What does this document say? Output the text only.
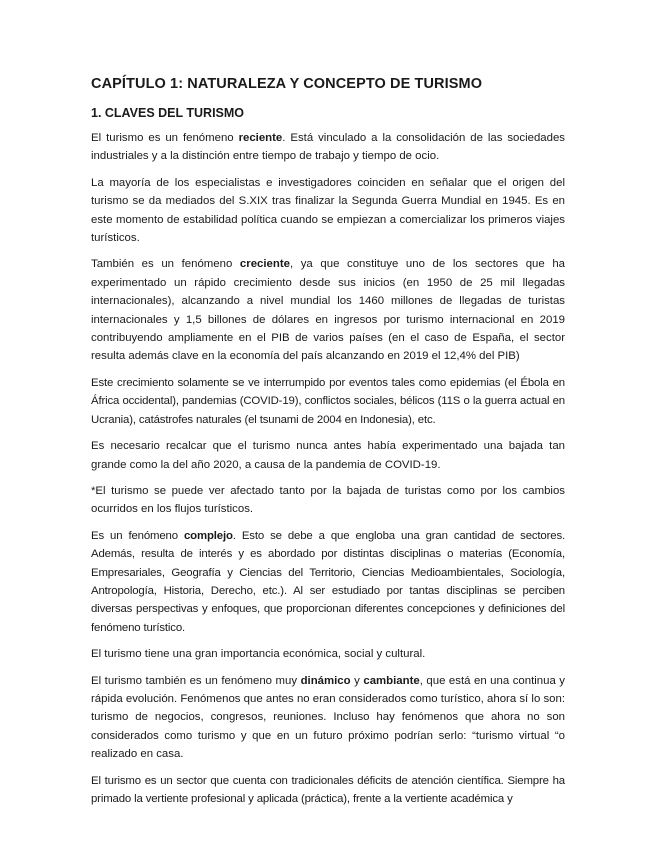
CAPÍTULO 1: NATURALEZA Y CONCEPTO DE TURISMO
1. CLAVES DEL TURISMO

El turismo es un fenómeno reciente. Está vinculado a la consolidación de las sociedades industriales y a la distinción entre tiempo de trabajo y tiempo de ocio.

La mayoría de los especialistas e investigadores coinciden en señalar que el origen del turismo se da mediados del S.XIX tras finalizar la Segunda Guerra Mundial en 1945. Es en este momento de estabilidad política cuando se empiezan a comercializar los primeros viajes turísticos.

También es un fenómeno creciente, ya que constituye uno de los sectores que ha experimentado un rápido crecimiento desde sus inicios (en 1950 de 25 mil llegadas internacionales), alcanzando a nivel mundial los 1460 millones de llegadas de turistas internacionales y 1,5 billones de dólares en ingresos por turismo internacional en 2019 contribuyendo ampliamente en el PIB de varios países (en el caso de España, el sector resulta además clave en la economía del país alcanzando en 2019 el 12,4% del PIB)

Este crecimiento solamente se ve interrumpido por eventos tales como epidemias (el Ébola en África occidental), pandemias (COVID-19), conflictos sociales, bélicos (11S o la guerra actual en Ucrania), catástrofes naturales (el tsunami de 2004 en Indonesia), etc.

Es necesario recalcar que el turismo nunca antes había experimentado una bajada tan grande como la del año 2020, a causa de la pandemia de COVID-19.

*El turismo se puede ver afectado tanto por la bajada de turistas como por los cambios ocurridos en los flujos turísticos.

Es un fenómeno complejo. Esto se debe a que engloba una gran cantidad de sectores. Además, resulta de interés y es abordado por distintas disciplinas o materias (Economía, Empresariales, Geografía y Ciencias del Territorio, Ciencias Medioambientales, Sociología, Antropología, Historia, Derecho, etc.). Al ser estudiado por tantas disciplinas se perciben diversas perspectivas y enfoques, que proporcionan diferentes concepciones y definiciones del fenómeno turístico.

El turismo tiene una gran importancia económica, social y cultural.

El turismo también es un fenómeno muy dinámico y cambiante, que está en una continua y rápida evolución. Fenómenos que antes no eran considerados como turístico, ahora sí lo son: turismo de negocios, congresos, reuniones. Incluso hay fenómenos que ahora no son considerados como turismo y que en un futuro próximo podrían serlo: “turismo virtual “o realizado en casa.

El turismo es un sector que cuenta con tradicionales déficits de atención científica. Siempre ha primado la vertiente profesional y aplicada (práctica), frente a la vertiente académica y
